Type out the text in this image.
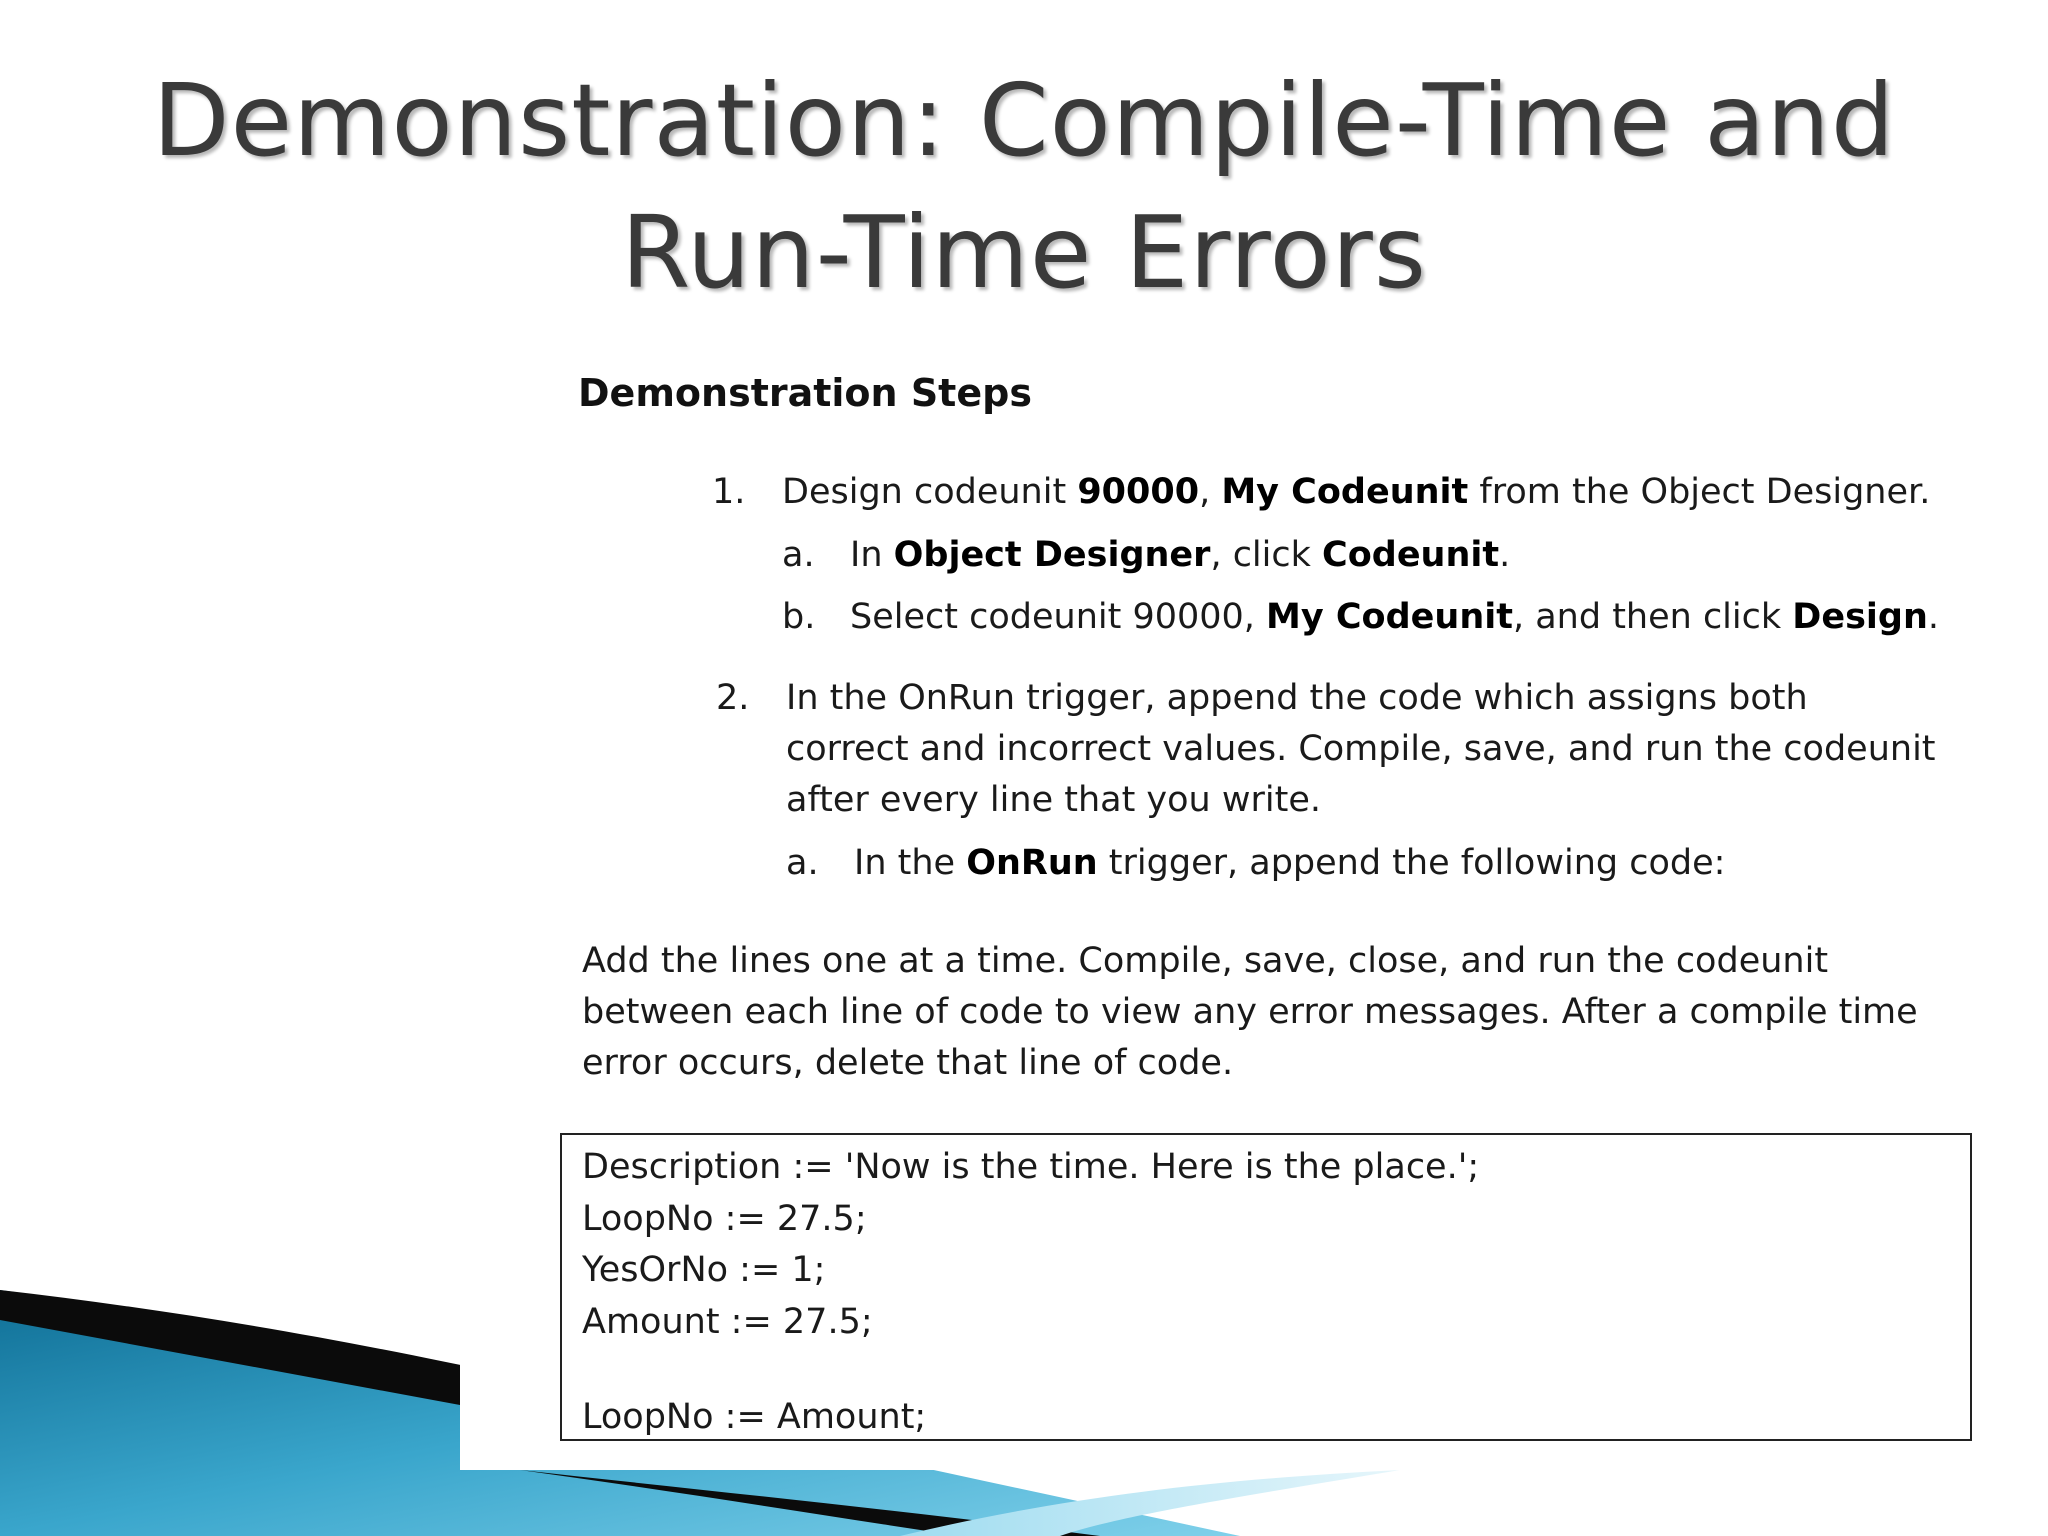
Demonstration: Compile-Time and
Run-Time Errors
Demonstration Steps
1.	Design codeunit 90000, My Codeunit from the Object Designer.
a.	In Object Designer, click Codeunit.
b. Select codeunit 90000, My Codeunit, and then click Design.
2.	In the OnRun trigger, append the code which assigns both correct and incorrect values. Compile, save, and run the codeunit after every line that you write.
a.	In the OnRun trigger, append the following code:
Add the lines one at a time. Compile, save, close, and run the codeunit between each line of code to view any error messages. After a compile time error occurs, delete that line of code.
Description := 'Now is the time. Here is the place.';
LoopNo := 27.5;
YesOrNo := 1;
Amount := 27.5;
LoopNo := Amount;
